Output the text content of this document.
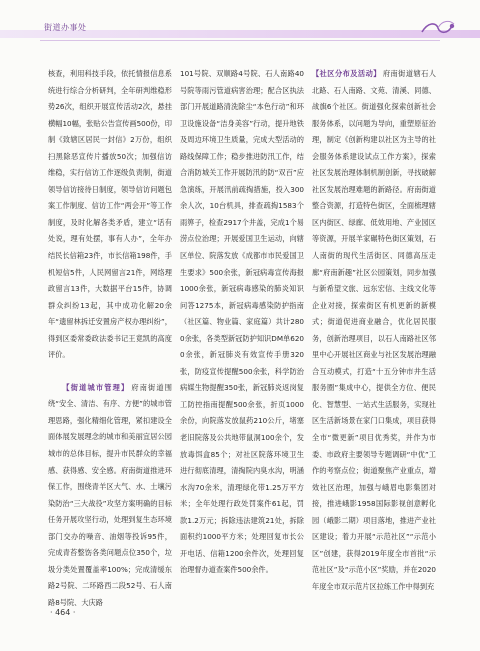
街道办事处

核查，利用科技手段，依托情报信息系统进行综合分析研判，全年研判维稳形势26次，组织开展宣传活动2次，悬挂横幅10幅，张贴公告宣传画500份，印制《致辖区居民一封信》2万份，组织扫黑除恶宣传片播放50次；加强信访维稳，实行信访工作逐级负责制，街道领导信访接待日制度，领导信访问题包案工作制度、信访工作“两会开”等工作制度，及时化解各类矛盾，建立“话有处说，理有处摆，事有人办”，全年办结民长信箱23件，市长信箱198件，手机短信5件，人民网留言21件，网络理政留言13件，大数据平台15件，协调群众纠纷13起，其中成功化解20余年“遗留林拆迁安置房产权办理纠纷”，得到区委常委政法委书记王竟凯的高度评价。

【街道城市管理】 府南街道围绕“安全、清洁、有序、方便”的城市管理思路，强化精细化管理，紧扣建设全面体展发展理念的城市和美丽宜居公园城市的总体目标，提升市民群众的幸福感、获得感、安全感。府南街道推进环保工作，围绕青羊区大气、水、土壤污染防治“三大战役”攻坚方案明确的目标任务开展攻坚行动，处理到复生态环境部门交办的噪音、油烟等投诉95件，完成青苔整饬各类问题点位350个，垃圾分类处置覆盖率100%；完成清缓东路2号院、二环路西二段52号、石人南路8号院、大庆路

101号院、双顺路4号院、石人南路40号院等雨污管道病害治理；配合区执法部门开展道路清洗除尘“本色行动”和环卫设施设备“洁身美容”行动，提升地铁及周边环境卫生质量，完成大型活动的路线保障工作；稳步推进防汛工作，结合消防城关工作开展防汛的防“双百”应急演练，开展汛前疏掏措施，投入300余人次，10台机具，排查疏掏1583个雨箅子，检查2917个井盖，完成1个易涝点位治理；开展爱国卫生运动，向辖区单位、院落发放《成都市市民爱国卫生要求》500余张，新冠病毒宣传海报1000余张，新冠病毒感染的肺炎知识问答1275本，新冠病毒感染防护指南（社区篇、物业篇、家庭篇）共计2800余张，各类型新冠防护知识DM单6200余张，新冠肺炎有效宣传手册320张，防疫宣传提醒500余张，科学防治病媒生物提醒350张，新冠肺炎返岗复工防控指南提醒500余张，折页1000余份，向院落发放鼠药210公斤，堵塞老旧院落及公共地带鼠洞100余个，发放毒饵盒85个；对社区院落环境卫生进行彻底清理，清掏院内臭水沟，明涵水沟70余米，清理绿化带1.25万平方米；全年处理行政处罚案件61起，罚款1.2万元；拆除违法建筑21处，拆除面积约1000平方米；处理回复市长公开电话、信箱1200余件次，处理回复治理督办道查案件500余件。

【社区分布及活动】 府南街道辖石人北路、石人南路、文苑、清溪、同德、战旗6个社区。街道强化探索创新社会服务体系，以问题为导向，重塑原征治理，制定《创新构建以社区为主导的社会服务体系建设试点工作方案》，探索社区发展治理体制机制创新，寻找破解社区发展治理难题的新路径。府南街道整合资源，打造特色街区，全面梳理辖区内街区、绿廊、低效用地、产业园区等资源，开展羊家碾特色街区策划，石人南街的现代生活街区、同德高压走廊“府南新趣”社区公园策划，同步加强与新希望文旅、远东宏信、主线文化等企业对接，探索街区有机更新的新模式；街道促进商业融合，优化居民服务，创新治理项目，以石人南路社区邻里中心开展社区商业与社区发展治理融合互动模式，打造“十五分钟市井生活服务圈”集成中心，提供全方位、便民化、智慧型、一站式生活服务，实现社区生活新场景在家门口集成，项目获得全市“微更新”项目优秀奖，并作为市委、市政府主要领导专题调研“中优”工作的考察点位；街道聚焦产业重点，增效社区治理，加强与峨眉电影集团对接，推进峨影1958国际影视创意孵化园（峨影二期）项目落地，推进产业社区建设；着力开展“示范社区”“示范小区”创建，获得2019年度全市首批“示范社区”及“示范小区”奖励，并在2020年度全市双示范片区拉练工作中得到充

· 464 ·
